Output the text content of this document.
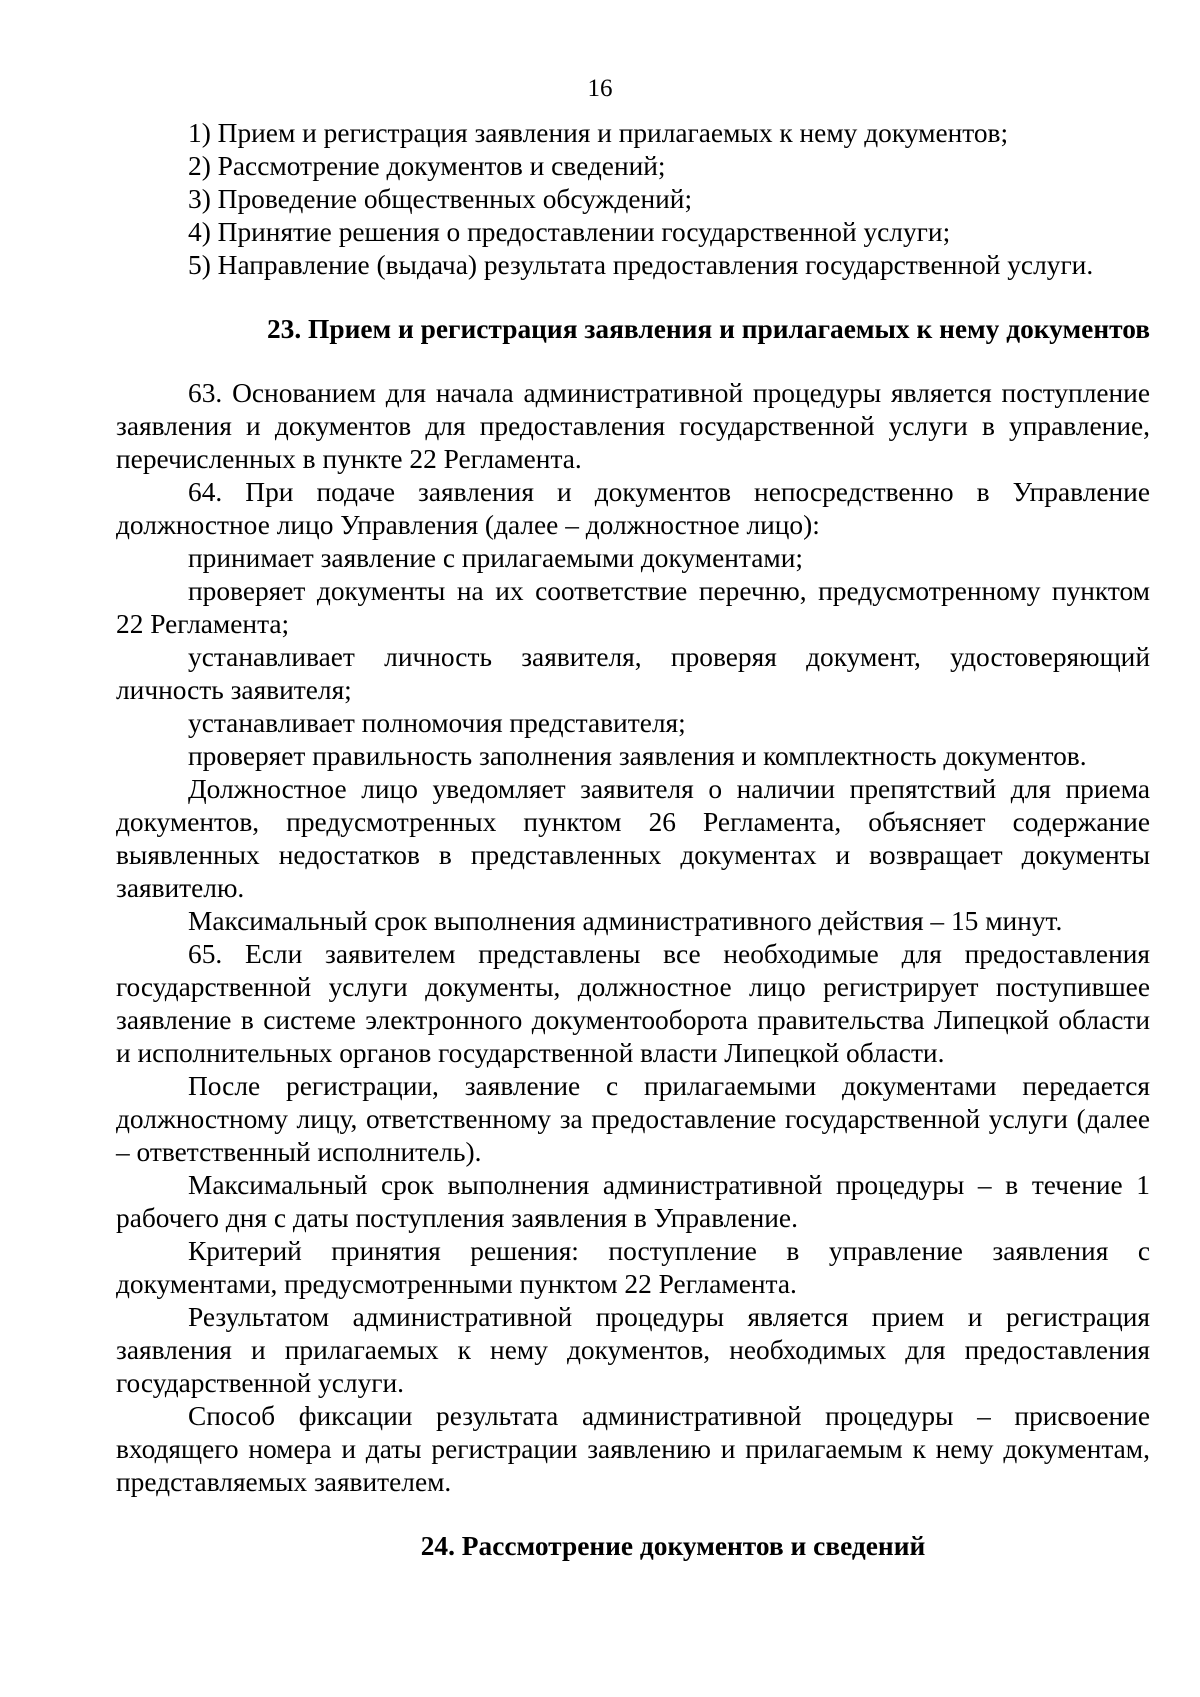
16

1) Прием и регистрация заявления и прилагаемых к нему документов;

2) Рассмотрение документов и сведений;

3) Проведение общественных обсуждений;

4) Принятие решения о предоставлении государственной услуги;

5) Направление (выдача) результата предоставления государственной услуги.

23. Прием и регистрация заявления и прилагаемых к нему документов

63. Основанием для начала административной процедуры является поступление заявления и документов для предоставления государственной услуги в управление, перечисленных в пункте 22 Регламента.

64. При подаче заявления и документов непосредственно в Управление должностное лицо Управления (далее – должностное лицо):

принимает заявление с прилагаемыми документами;

проверяет документы на их соответствие перечню, предусмотренному пунктом 22 Регламента;

устанавливает личность заявителя, проверяя документ, удостоверяющий личность заявителя;

устанавливает полномочия представителя;

проверяет правильность заполнения заявления и комплектность документов.

Должностное лицо уведомляет заявителя о наличии препятствий для приема документов, предусмотренных пунктом 26 Регламента, объясняет содержание выявленных недостатков в представленных документах и возвращает документы заявителю.

Максимальный срок выполнения административного действия – 15 минут.

65. Если заявителем представлены все необходимые для предоставления государственной услуги документы, должностное лицо регистрирует поступившее заявление в системе электронного документооборота правительства Липецкой области и исполнительных органов государственной власти Липецкой области.

После регистрации, заявление с прилагаемыми документами передается должностному лицу, ответственному за предоставление государственной услуги (далее – ответственный исполнитель).

Максимальный срок выполнения административной процедуры – в течение 1 рабочего дня с даты поступления заявления в Управление.

Критерий принятия решения: поступление в управление заявления с документами, предусмотренными пунктом 22 Регламента.

Результатом административной процедуры является прием и регистрация заявления и прилагаемых к нему документов, необходимых для предоставления государственной услуги.

Способ фиксации результата административной процедуры – присвоение входящего номера и даты регистрации заявлению и прилагаемым к нему документам, представляемых заявителем.

24. Рассмотрение документов и сведений
